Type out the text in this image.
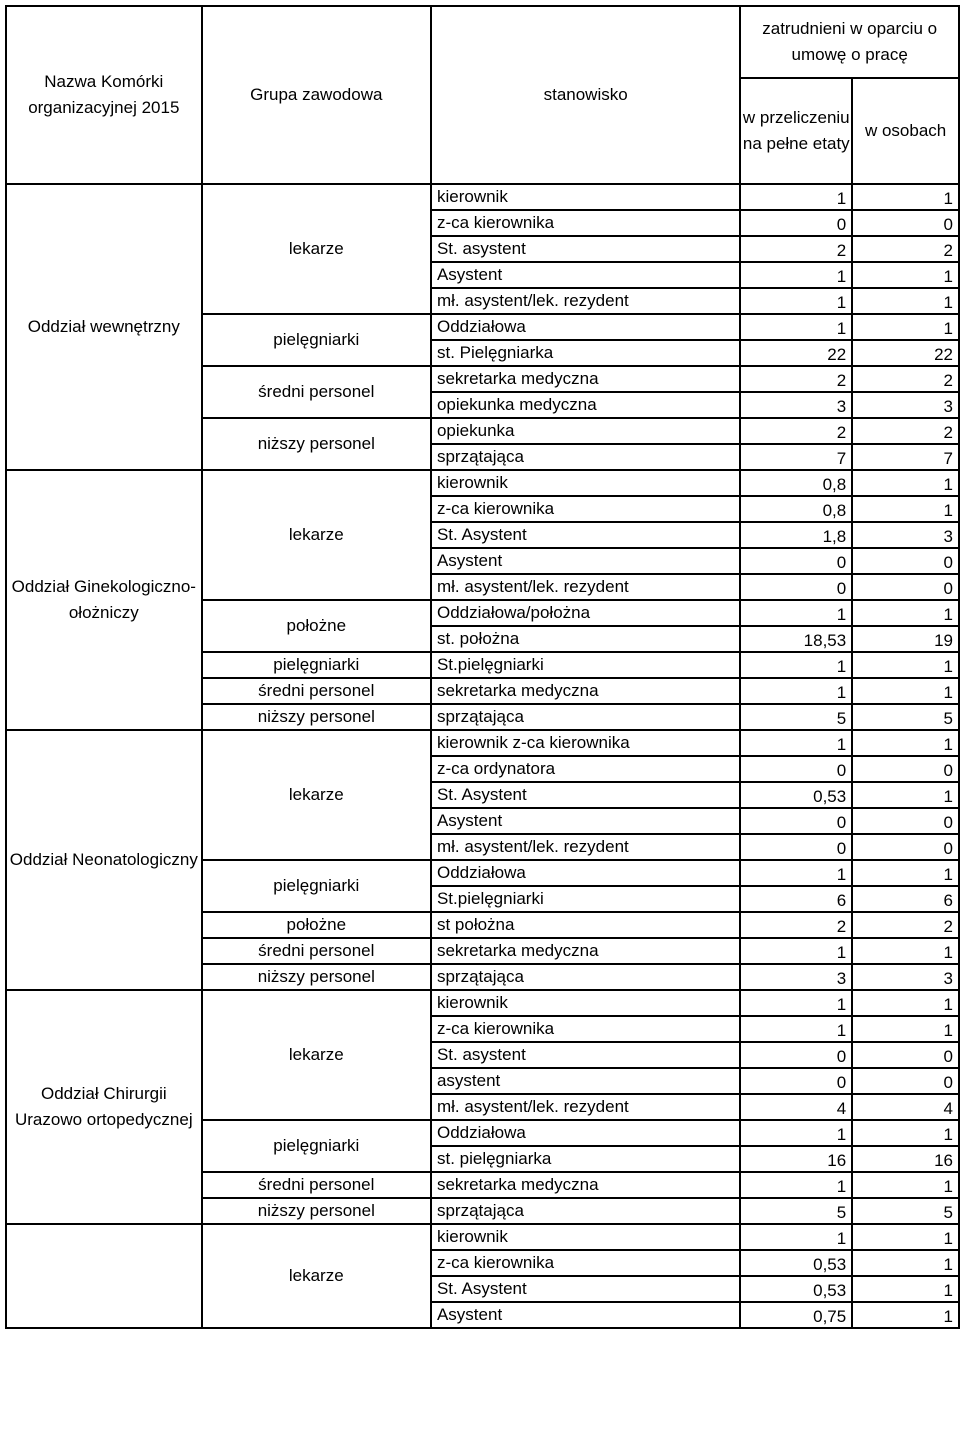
Nazwa Komórki organizacyjnej 2015	Grupa zawodowa	stanowisko	zatrudnieni w oparciu o umowę o pracę	
			w przeliczeniu na pełne etaty	w osobach
Oddział wewnętrzny	lekarze	kierownik	1	1
		z-ca kierownika	0	0
		St. asystent	2	2
		Asystent	1	1
		mł. asystent/lek. rezydent	1	1
	pielęgniarki	Oddziałowa	1	1
		st. Pielęgniarka	22	22
	średni personel	sekretarka medyczna	2	2
		opiekunka medyczna	3	3
	niższy personel	opiekunka	2	2
		sprzątająca	7	7
Oddział Ginekologiczno-ołożniczy	lekarze	kierownik	0,8	1
		z-ca kierownika	0,8	1
		St. Asystent	1,8	3
		Asystent	0	0
		mł. asystent/lek. rezydent	0	0
	położne	Oddziałowa/położna	1	1
		st. położna	18,53	19
	pielęgniarki	St.pielęgniarki	1	1
	średni personel	sekretarka medyczna	1	1
	niższy personel	sprzątająca	5	5
Oddział Neonatologiczny	lekarze	kierownik z-ca kierownika	1	1
		z-ca ordynatora	0	0
		St. Asystent	0,53	1
		Asystent	0	0
		mł. asystent/lek. rezydent	0	0
	pielęgniarki	Oddziałowa	1	1
		St.pielęgniarki	6	6
	położne	st położna	2	2
	średni personel	sekretarka medyczna	1	1
	niższy personel	sprzątająca	3	3
Oddział Chirurgii Urazowo ortopedycznej	lekarze	kierownik	1	1
		z-ca kierownika	1	1
		St. asystent	0	0
		asystent	0	0
		mł. asystent/lek. rezydent	4	4
	pielęgniarki	Oddziałowa	1	1
		st. pielęgniarka	16	16
	średni personel	sekretarka medyczna	1	1
	niższy personel	sprzątająca	5	5
	lekarze	kierownik	1	1
		z-ca kierownika	0,53	1
		St. Asystent	0,53	1
		Asystent	0,75	1
